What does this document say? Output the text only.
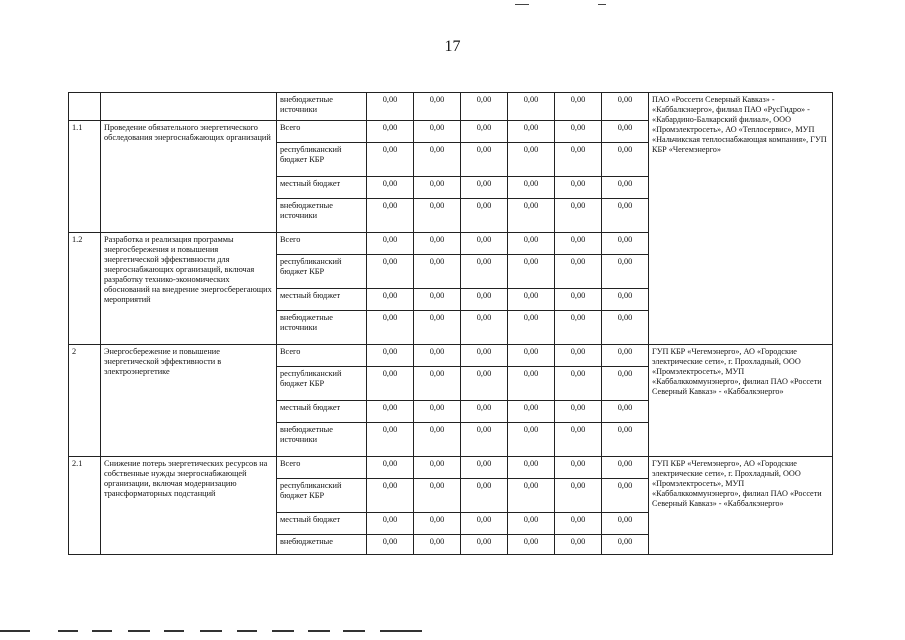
17
		внебюджетные источники	0,00	0,00	0,00	0,00	0,00	0,00	ПАО «Россети Северный Кавказ» - «Каббалкэнерго», филиал ПАО «РусГидро» - «Кабардино-Балкарский филиал», ООО «Промэлектросеть», АО «Теплосервис», МУП «Нальчикская теплоснабжающая компания», ГУП КБР «Чегемэнерго»
1.1	Проведение обязательного энергетического обследования энергоснабжающих организаций	Всего	0,00	0,00	0,00	0,00	0,00	0,00	
		республиканский бюджет КБР	0,00	0,00	0,00	0,00	0,00	0,00	
		местный бюджет	0,00	0,00	0,00	0,00	0,00	0,00	
		внебюджетные источники	0,00	0,00	0,00	0,00	0,00	0,00	
1.2	Разработка и реализация программы энергосбережения и повышения энергетической эффективности для энергоснабжающих организаций, включая разработку технико-экономических обоснований на внедрение энергосберегающих мероприятий	Всего	0,00	0,00	0,00	0,00	0,00	0,00	
		республиканский бюджет КБР	0,00	0,00	0,00	0,00	0,00	0,00	
		местный бюджет	0,00	0,00	0,00	0,00	0,00	0,00	
		внебюджетные источники	0,00	0,00	0,00	0,00	0,00	0,00	
2	Энергосбережение и повышение энергетической эффективности в электроэнергетике	Всего	0,00	0,00	0,00	0,00	0,00	0,00	ГУП КБР «Чегемэнерго», АО «Городские электрические сети», г. Прохладный, ООО «Промэлектросеть», МУП «Каббалккоммунэнерго», филиал ПАО «Россети Северный Кавказ» - «Каббалкэнерго»
		республиканский бюджет КБР	0,00	0,00	0,00	0,00	0,00	0,00	
		местный бюджет	0,00	0,00	0,00	0,00	0,00	0,00	
		внебюджетные источники	0,00	0,00	0,00	0,00	0,00	0,00	
2.1	Снижение потерь энергетических ресурсов на собственные нужды энергоснабжающей организации, включая модернизацию трансформаторных подстанций	Всего	0,00	0,00	0,00	0,00	0,00	0,00	ГУП КБР «Чегемэнерго», АО «Городские электрические сети», г. Прохладный, ООО «Промэлектросеть», МУП «Каббалккоммунэнерго», филиал ПАО «Россети Северный Кавказ» - «Каббалкэнерго»
		республиканский бюджет КБР	0,00	0,00	0,00	0,00	0,00	0,00	
		местный бюджет	0,00	0,00	0,00	0,00	0,00	0,00	
		внебюджетные	0,00	0,00	0,00	0,00	0,00	0,00	
